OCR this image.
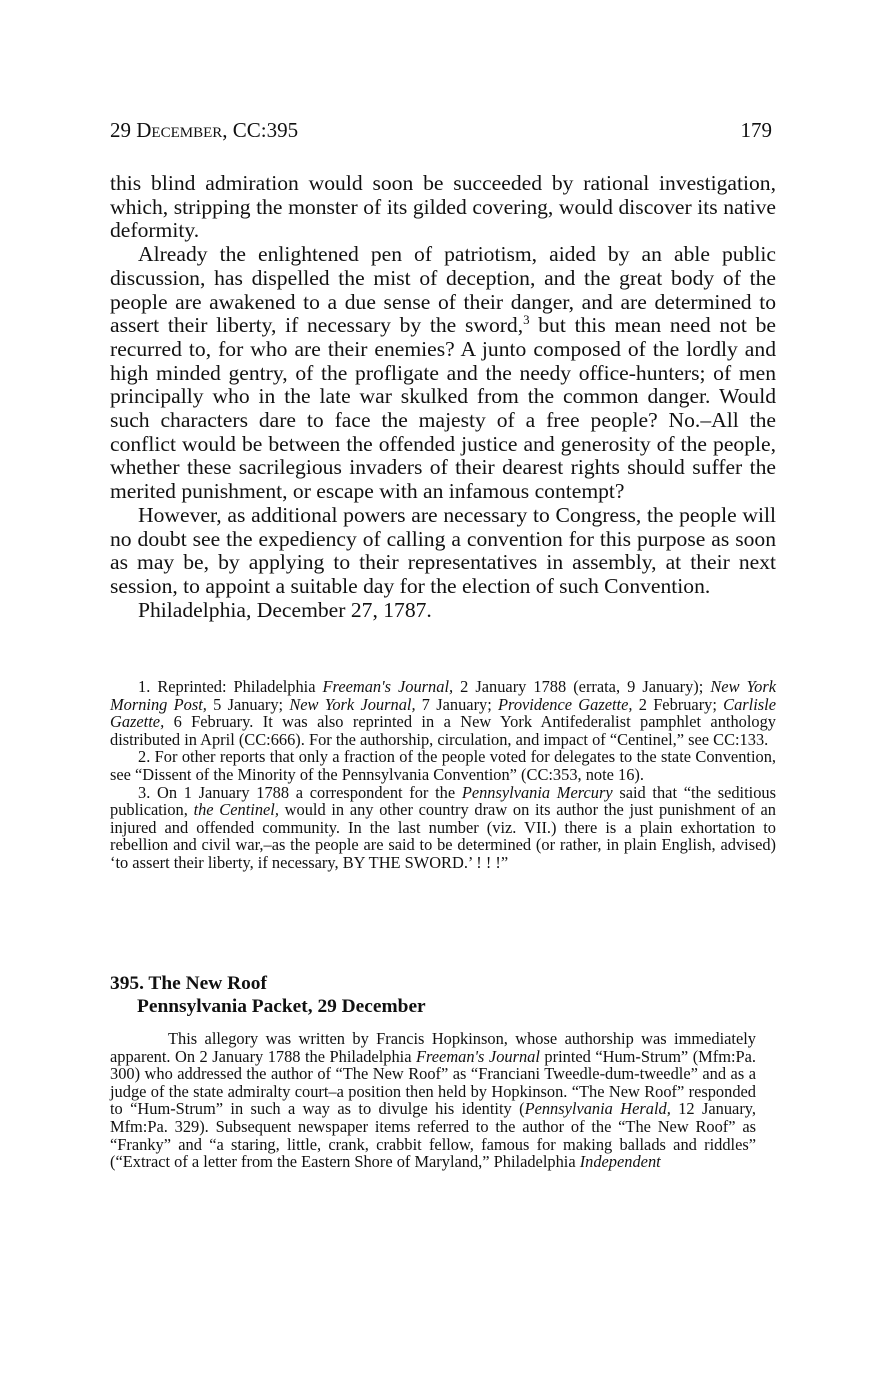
29 December, CC:395	179

this blind admiration would soon be succeeded by rational investigation, which, stripping the monster of its gilded covering, would discover its native deformity.

Already the enlightened pen of patriotism, aided by an able public discussion, has dispelled the mist of deception, and the great body of the people are awakened to a due sense of their danger, and are determined to assert their liberty, if necessary by the sword,$^3$ but this mean need not be recurred to, for who are their enemies? A junto composed of the lordly and high minded gentry, of the profligate and the needy office-hunters; of men principally who in the late war skulked from the common danger. Would such characters dare to face the majesty of a free people? No.–All the conflict would be between the offended justice and generosity of the people, whether these sacrilegious invaders of their dearest rights should suffer the merited punishment, or escape with an infamous contempt?

However, as additional powers are necessary to Congress, the people will no doubt see the expediency of calling a convention for this purpose as soon as may be, by applying to their representatives in assembly, at their next session, to appoint a suitable day for the election of such Convention.

Philadelphia, December 27, 1787.

1. Reprinted: Philadelphia Freeman's Journal, 2 January 1788 (errata, 9 January); New York Morning Post, 5 January; New York Journal, 7 January; Providence Gazette, 2 February; Carlisle Gazette, 6 February. It was also reprinted in a New York Antifederalist pamphlet anthology distributed in April (CC:666). For the authorship, circulation, and impact of “Centinel,” see CC:133.

2. For other reports that only a fraction of the people voted for delegates to the state Convention, see “Dissent of the Minority of the Pennsylvania Convention” (CC:353, note 16).

3. On 1 January 1788 a correspondent for the Pennsylvania Mercury said that “the seditious publication, the Centinel, would in any other country draw on its author the just punishment of an injured and offended community. In the last number (viz. VII.) there is a plain exhortation to rebellion and civil war,–as the people are said to be determined (or rather, in plain English, advised) ‘to assert their liberty, if necessary, BY THE SWORD.’ ! ! !”

395. The New Roof
Pennsylvania Packet, 29 December

This allegory was written by Francis Hopkinson, whose authorship was immediately apparent. On 2 January 1788 the Philadelphia Freeman's Journal printed “Hum-Strum” (Mfm:Pa. 300) who addressed the author of “The New Roof” as “Franciani Tweedle-dum-tweedle” and as a judge of the state admiralty court–a position then held by Hopkinson. “The New Roof” responded to “Hum-Strum” in such a way as to divulge his identity (Pennsylvania Herald, 12 January, Mfm:Pa. 329). Subsequent newspaper items referred to the author of the “The New Roof” as “Franky” and “a staring, little, crank, crabbit fellow, famous for making ballads and riddles” (“Extract of a letter from the Eastern Shore of Maryland,” Philadelphia Independent
